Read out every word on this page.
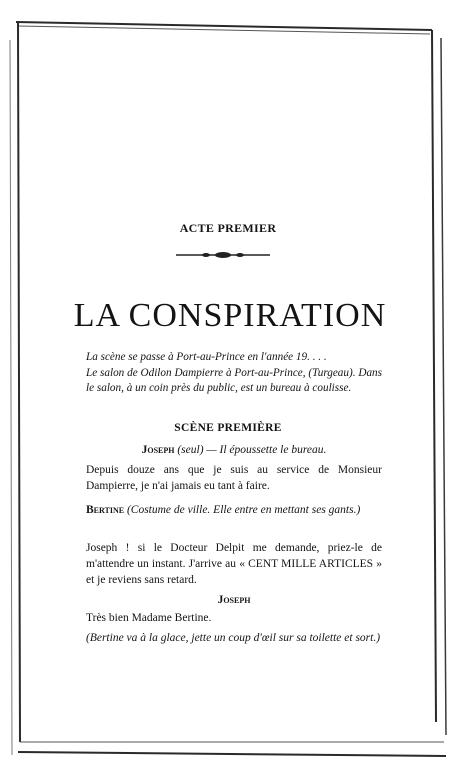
ACTE PREMIER
LA CONSPIRATION

La scène se passe à Port-au-Prince en l'année 19. . . .

Le salon de Odilon Dampierre à Port-au-Prince, (Turgeau). Dans le salon, à un coin près du public, est un bureau à coulisse.

SCÈNE PREMIÈRE
Joseph (seul) — Il époussette le bureau.
Depuis douze ans que je suis au service de Monsieur Dampierre, je n'ai jamais eu tant à faire.
Bertine (Costume de ville. Elle entre en mettant ses gants.)
Joseph ! si le Docteur Delpit me demande, priez-le de m'attendre un instant. J'arrive au « CENT MILLE ARTICLES » et je reviens sans retard.
Joseph
Très bien Madame Bertine.
(Bertine va à la glace, jette un coup d'œil sur sa toilette et sort.)
